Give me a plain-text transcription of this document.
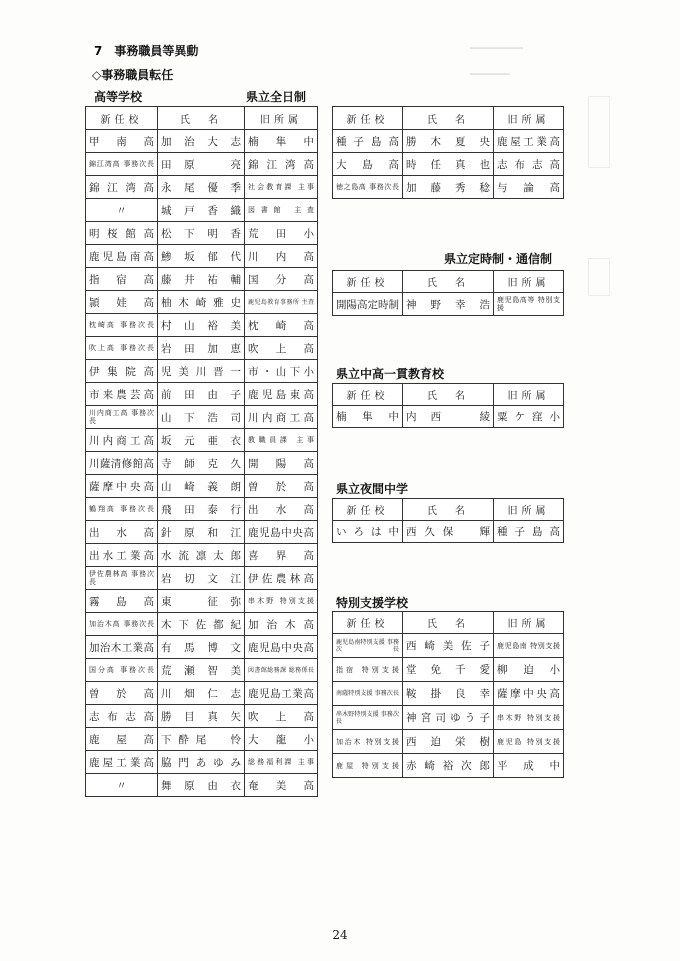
━━━━━━━━
━━━━━━
7　 事務職員等異動
◇事務職員転任
高等学校	県立全日制
新任校	氏　名	旧所属
甲南高	加治大志	楠隼中
錦江湾高 事務次長	田原　亮	錦江湾高
錦江湾高	永尾優季	社会教育課 主事
〃	城戸香織	図書館 主査
明桜館高	松下明香	荒田小
鹿児島南高	鯵坂郁代	川内高
指宿高	藤井祐輔	国分高
頴娃高	柚木崎雅史	鹿児島教育事務所 主査
枕崎高 事務次長	村山裕美	枕崎高
吹上高 事務次長	岩田加恵	吹上高
伊集院高	児美川晋一	市・山下小
市来農芸高	前田由子	鹿児島東高
川内商工高 事務次長	山下浩司	川内商工高
川内商工高	坂元亜衣	教職員課 主事
川薩清修館高	寺師克久	開陽高
薩摩中央高	山崎義朗	曽於高
鶴翔高 事務次長	飛田泰行	出水高
出水高	針原和江	鹿児島中央高
出水工業高	水流凛太郎	喜界高
伊佐農林高 事務次長	岩切文江	伊佐農林高
霧島高	東　征弥	串木野 特別支援
加治木高 事務次長	木下佐都紀	加治木高
加治木工業高	有馬博文	鹿児島中央高
国分高 事務次長	荒瀬智美	図書館総務課 総務係長
曽於高	川畑仁志	鹿児島工業高
志布志高	勝目真矢	吹上高
鹿屋高	下酔尾　怜	大龍小
鹿屋工業高	脇門あゆみ	総務福利課 主事
〃	舞原由衣	奄美高
新任校	氏　名	旧所属
種子島高	勝木夏央	鹿屋工業高
大島高	時任真也	志布志高
徳之島高 事務次長	加藤秀稔	与論高
県立定時制・通信制
新任校	氏　名	旧所属
開陽高定時制	神野幸浩	鹿児島高等 特別支援
県立中高一貫教育校
新任校	氏　名	旧所属
楠隼中	内西　綾	粟ケ窪小
県立夜間中学
新任校	氏　名	旧所属
いろは中	西久保　輝	種子島高
特別支援学校
新任校	氏　名	旧所属
鹿児島南特別支援 事務次長	西崎美佐子	鹿児島南 特別支援
指宿 特別支援	堂免千愛	柳迫小
南薩特別支援 事務次長	鞍掛良幸	薩摩中央高
串木野特別支援 事務次長	神宮司ゆう子	串木野 特別支援
加治木 特別支援	西迫栄樹	鹿児島 特別支援
鹿屋 特別支援	赤崎裕次郎	平成中
24
